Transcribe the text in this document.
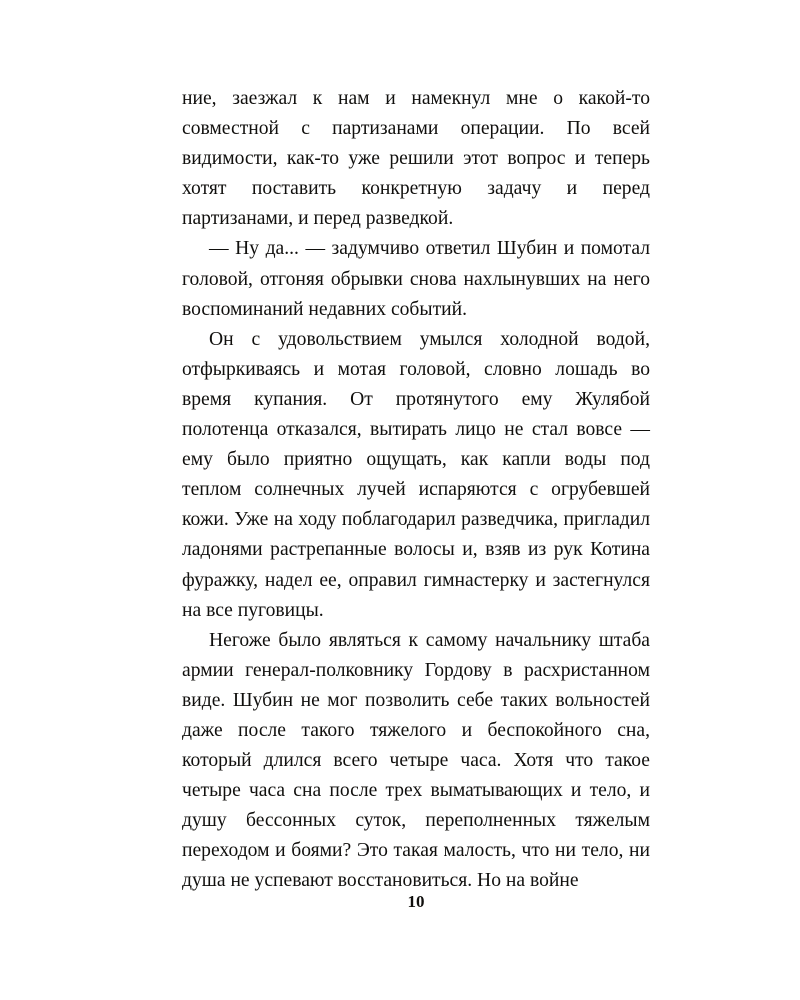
ние, заезжал к нам и намекнул мне о какой-то совместной с партизанами операции. По всей видимости, как-то уже решили этот вопрос и теперь хотят поставить конкретную задачу и перед партизанами, и перед разведкой.

— Ну да... — задумчиво ответил Шубин и помотал головой, отгоняя обрывки снова нахлынувших на него воспоминаний недавних событий.

Он с удовольствием умылся холодной водой, отфыркиваясь и мотая головой, словно лошадь во время купания. От протянутого ему Жулябой полотенца отказался, вытирать лицо не стал вовсе — ему было приятно ощущать, как капли воды под теплом солнечных лучей испаряются с огрубевшей кожи. Уже на ходу поблагодарил разведчика, пригладил ладонями растрепанные волосы и, взяв из рук Котина фуражку, надел ее, оправил гимнастерку и застегнулся на все пуговицы.

Негоже было являться к самому начальнику штаба армии генерал-полковнику Гордову в расхристанном виде. Шубин не мог позволить себе таких вольностей даже после такого тяжелого и беспокойного сна, который длился всего четыре часа. Хотя что такое четыре часа сна после трех выматывающих и тело, и душу бессонных суток, переполненных тяжелым переходом и боями? Это такая малость, что ни тело, ни душа не успевают восстановиться. Но на войне

10
